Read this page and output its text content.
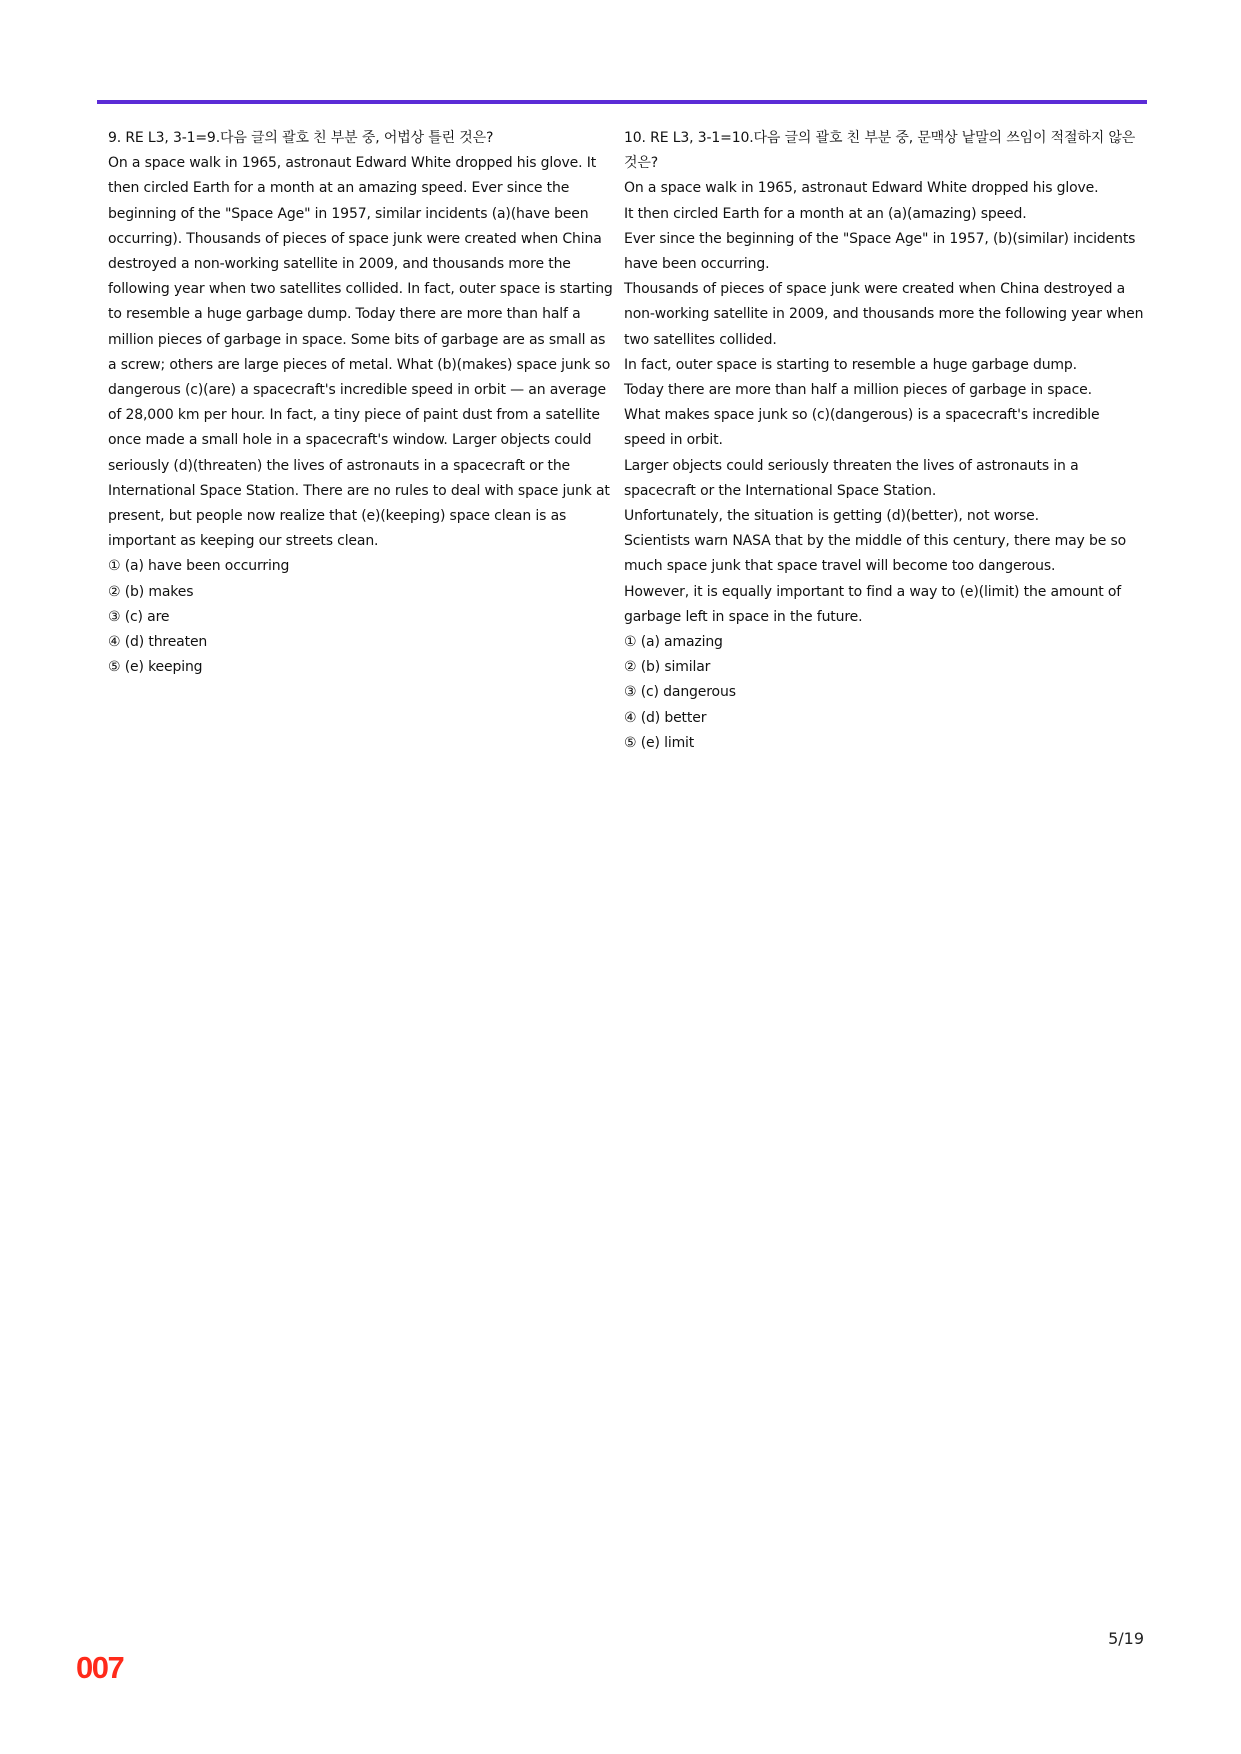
9. RE L3, 3-1=9.다음 글의 괄호 친 부분 중, 어법상 틀린 것은?

On a space walk in 1965, astronaut Edward White dropped his glove. It then circled Earth for a month at an amazing speed. Ever since the beginning of the "Space Age" in 1957, similar incidents (a)(have been occurring). Thousands of pieces of space junk were created when China destroyed a non-working satellite in 2009, and thousands more the following year when two satellites collided. In fact, outer space is starting to resemble a huge garbage dump. Today there are more than half a million pieces of garbage in space. Some bits of garbage are as small as a screw; others are large pieces of metal. What (b)(makes) space junk so dangerous (c)(are) a spacecraft's incredible speed in orbit — an average of 28,000 km per hour. In fact, a tiny piece of paint dust from a satellite once made a small hole in a spacecraft's window. Larger objects could seriously (d)(threaten) the lives of astronauts in a spacecraft or the International Space Station. There are no rules to deal with space junk at present, but people now realize that (e)(keeping) space clean is as important as keeping our streets clean.

① (a) have been occurring

② (b) makes

③ (c) are

④ (d) threaten

⑤ (e) keeping

10. RE L3, 3-1=10.다음 글의 괄호 친 부분 중, 문맥상 낱말의 쓰임이 적절하지 않은 것은?

On a space walk in 1965, astronaut Edward White dropped his glove.

It then circled Earth for a month at an (a)(amazing) speed.

Ever since the beginning of the "Space Age" in 1957, (b)(similar) incidents have been occurring.

Thousands of pieces of space junk were created when China destroyed a non-working satellite in 2009, and thousands more the following year when two satellites collided.

In fact, outer space is starting to resemble a huge garbage dump.

Today there are more than half a million pieces of garbage in space.

What makes space junk so (c)(dangerous) is a spacecraft's incredible speed in orbit.

Larger objects could seriously threaten the lives of astronauts in a spacecraft or the International Space Station.

Unfortunately, the situation is getting (d)(better), not worse.

Scientists warn NASA that by the middle of this century, there may be so much space junk that space travel will become too dangerous.

However, it is equally important to find a way to (e)(limit) the amount of garbage left in space in the future.

① (a) amazing

② (b) similar

③ (c) dangerous

④ (d) better

⑤ (e) limit

5/19
007
